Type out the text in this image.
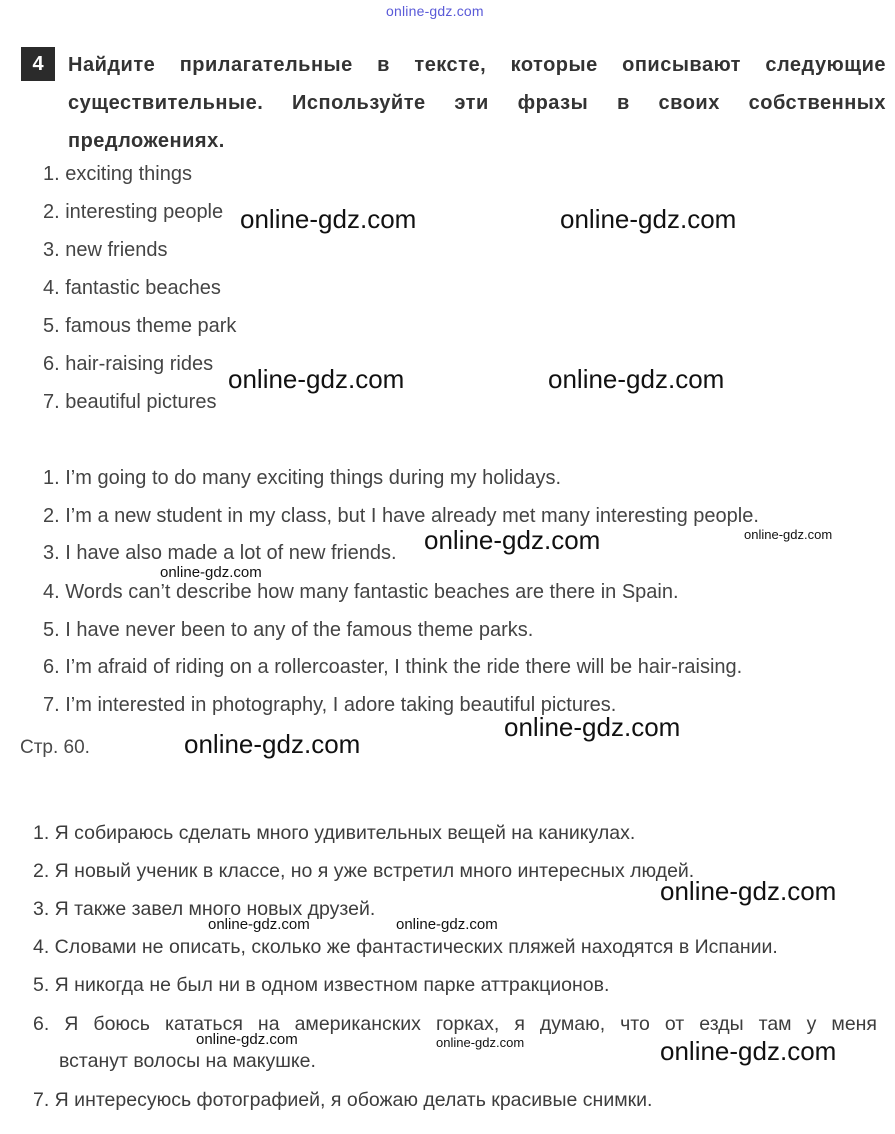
online-gdz.com
4	Найдите прилагательные в тексте, которые описывают следующие существительные. Используйте эти фразы в своих собственных предложениях.
1. exciting things
2. interesting people
3. new friends
4. fantastic beaches
5. famous theme park
6. hair-raising rides
7. beautiful pictures
1. I’m going to do many exciting things during my holidays.
2. I’m a new student in my class, but I have already met many interesting people.
3. I have also made a lot of new friends.
4. Words can’t describe how many fantastic beaches are there in Spain.
5. I have never been to any of the famous theme parks.
6. I’m afraid of riding on a rollercoaster, I think the ride there will be hair-raising.
7. I’m interested in photography, I adore taking beautiful pictures.
Стр. 60.
1. Я собираюсь сделать много удивительных вещей на каникулах.
2. Я новый ученик в классе, но я уже встретил много интересных людей.
3. Я также завел много новых друзей.
4. Словами не описать, сколько же фантастических пляжей находятся в Испании.
5. Я никогда не был ни в одном известном парке аттракционов.
6. Я боюсь кататься на американских горках, я думаю, что от езды там у меня
встанут волосы на макушке.
7. Я интересуюсь фотографией, я обожаю делать красивые снимки.
online-gdz.com	online-gdz.com
online-gdz.com	online-gdz.com
online-gdz.com	online-gdz.com
online-gdz.com
online-gdz.com
online-gdz.com
online-gdz.com
online-gdz.com	online-gdz.com
online-gdz.com	online-gdz.com	online-gdz.com
